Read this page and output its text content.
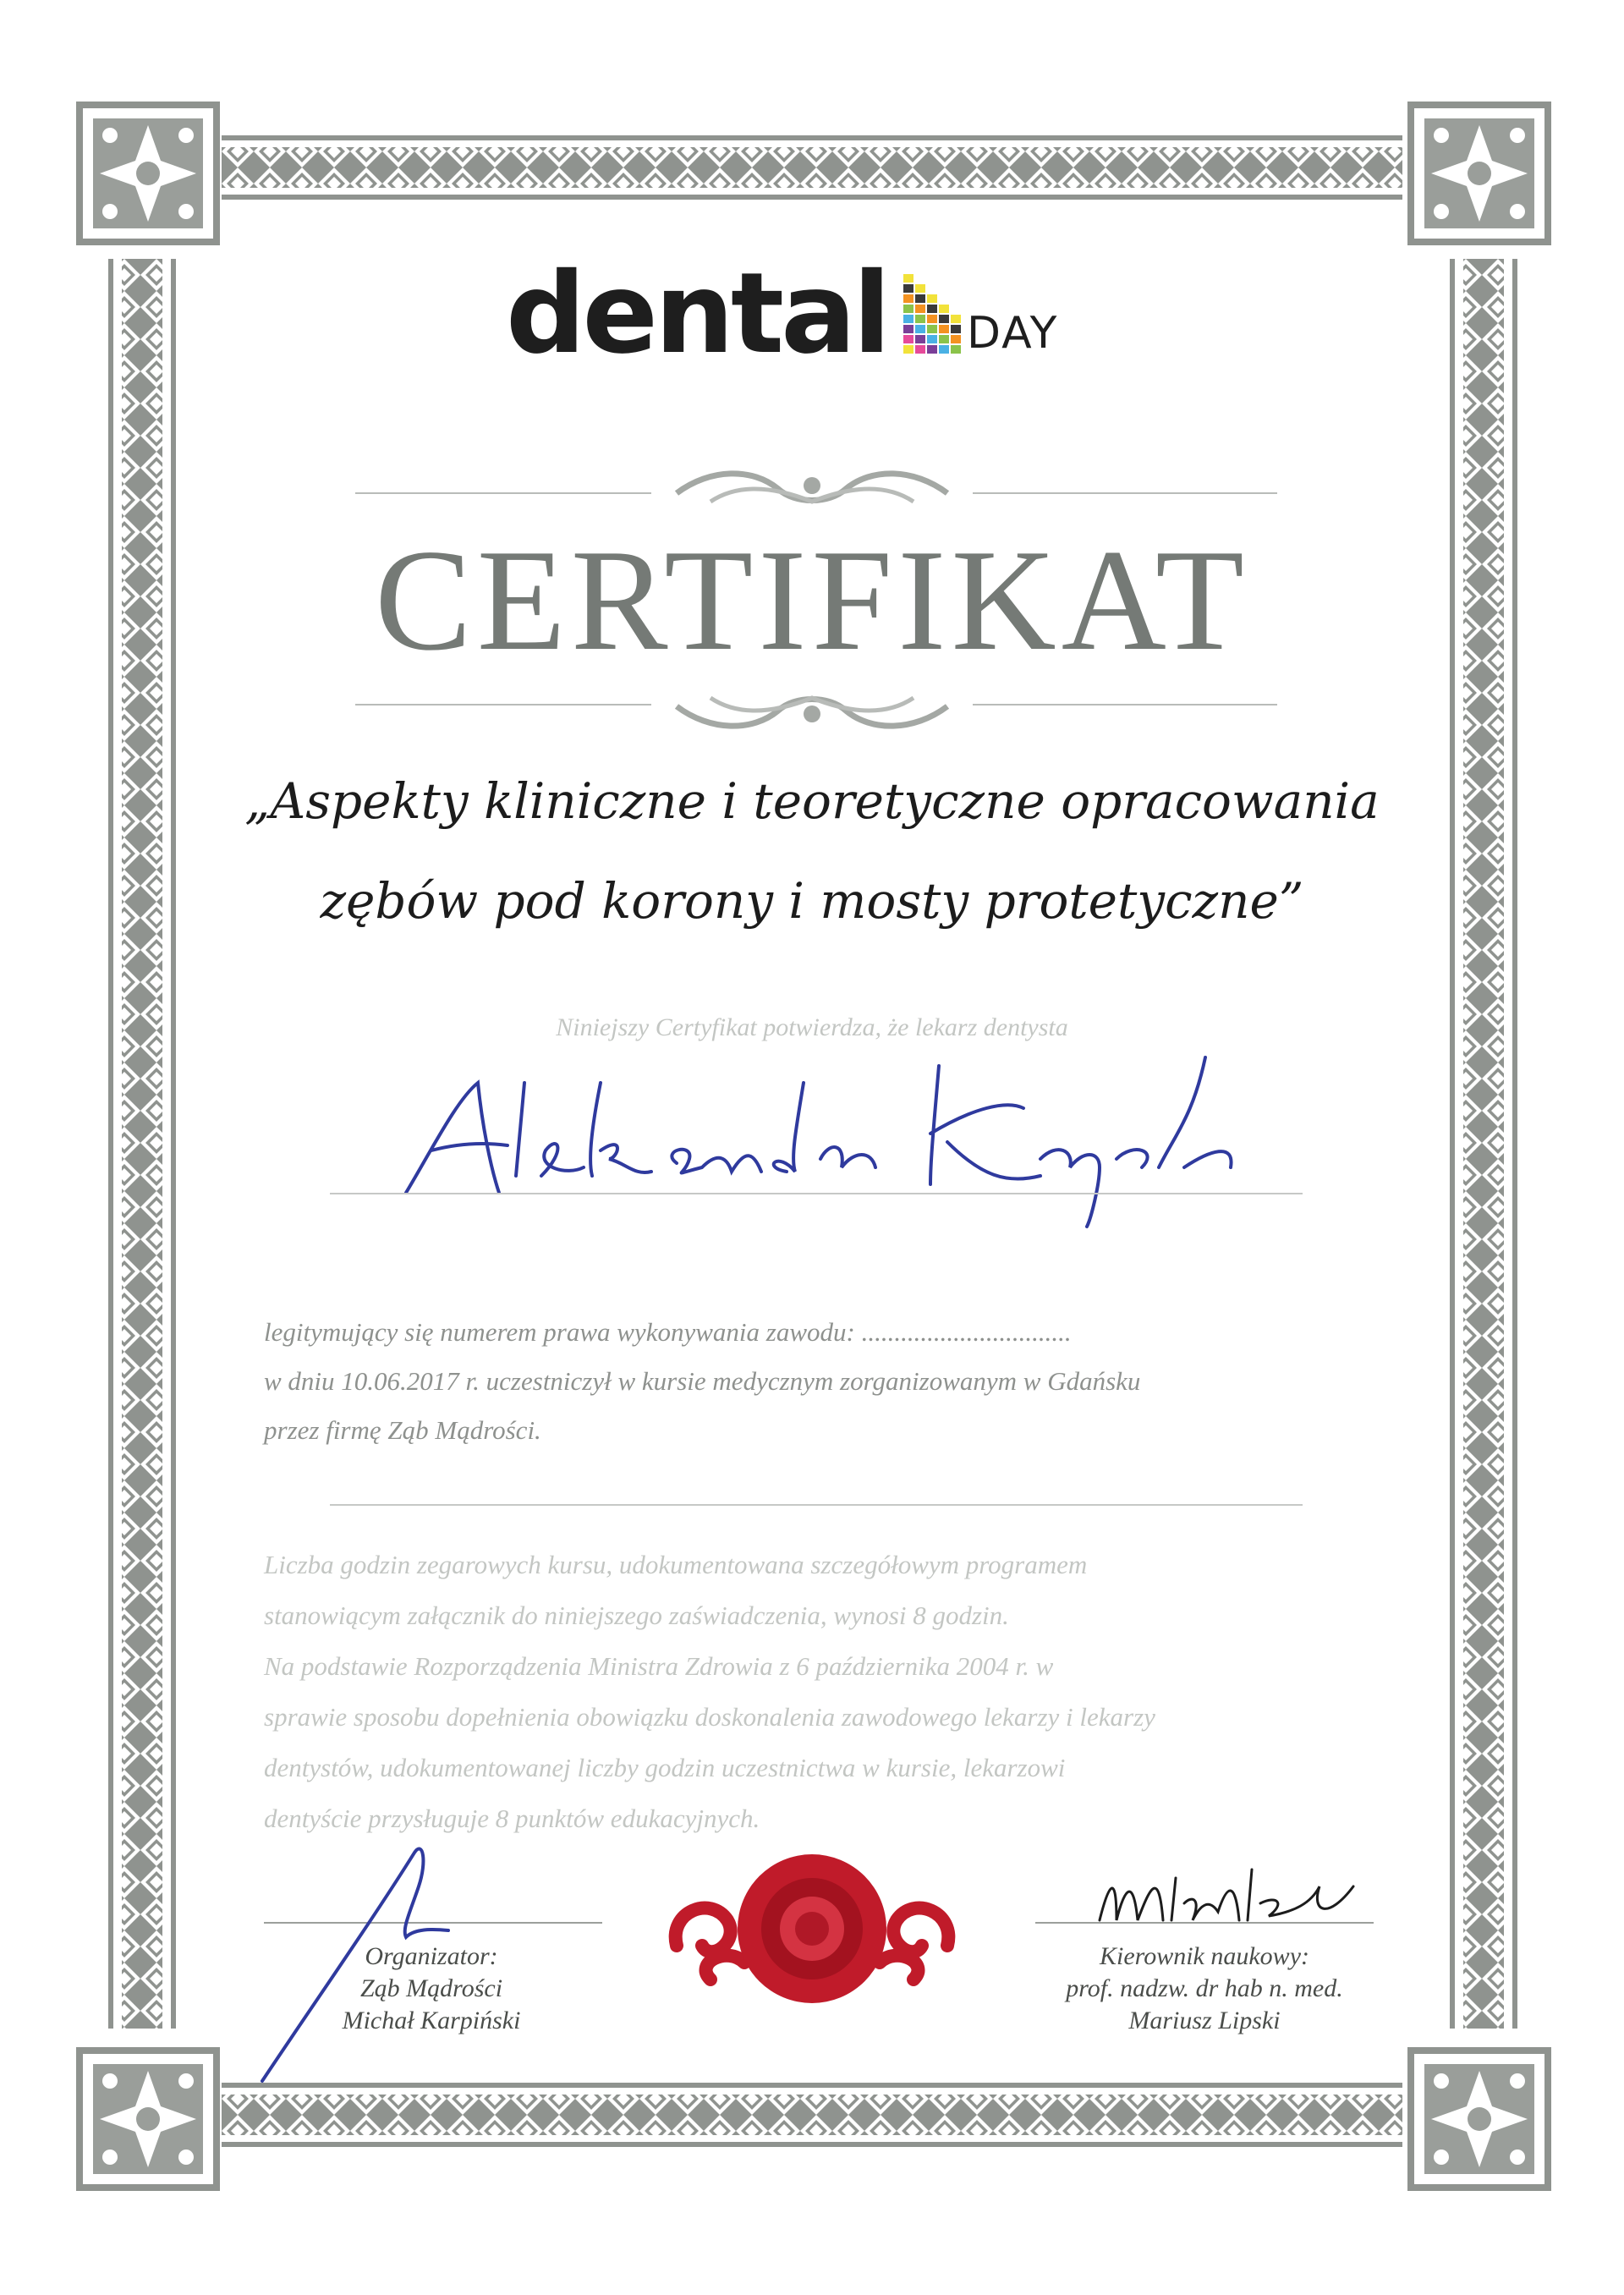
dental DAY
CERTIFIKAT
„Aspekty kliniczne i teoretyczne opracowania
zębów pod korony i mosty protetyczne”
Niniejszy Certyfikat potwierdza, że lekarz dentysta
legitymujący się numerem prawa wykonywania zawodu: ................................
w dniu 10.06.2017 r. uczestniczył w kursie medycznym zorganizowanym w Gdańsku
przez firmę Ząb Mądrości.
Liczba godzin zegarowych kursu, udokumentowana szczegółowym programem
stanowiącym załącznik do niniejszego zaświadczenia, wynosi 8 godzin.
Na podstawie Rozporządzenia Ministra Zdrowia z 6 października 2004 r. w
sprawie sposobu dopełnienia obowiązku doskonalenia zawodowego lekarzy i lekarzy
dentystów, udokumentowanej liczby godzin uczestnictwa w kursie, lekarzowi
dentyście przysługuje 8 punktów edukacyjnych.
Organizator:
Ząb Mądrości
Michał Karpiński
Kierownik naukowy:
prof. nadzw. dr hab n. med.
Mariusz Lipski
